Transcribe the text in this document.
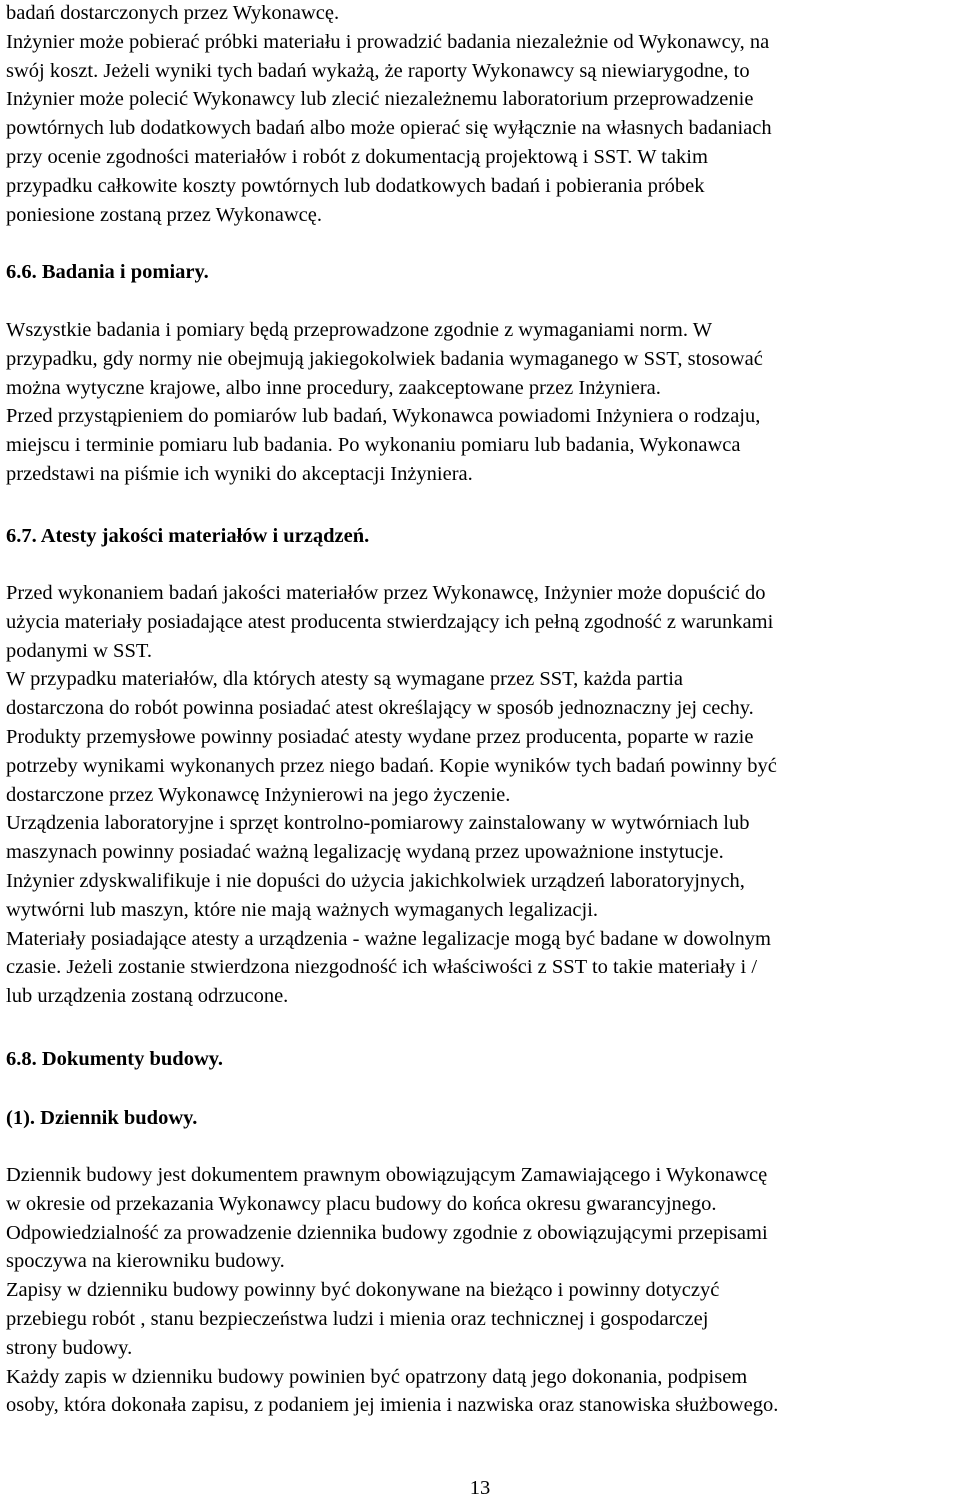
badań dostarczonych przez Wykonawcę.
Inżynier może pobierać próbki materiału i prowadzić badania niezależnie od Wykonawcy, na
swój koszt. Jeżeli wyniki tych badań wykażą, że raporty Wykonawcy są niewiarygodne, to
Inżynier może polecić Wykonawcy lub zlecić niezależnemu laboratorium przeprowadzenie
powtórnych lub dodatkowych badań albo może opierać się wyłącznie na własnych badaniach
przy ocenie zgodności materiałów i robót z dokumentacją projektową i SST. W takim
przypadku całkowite koszty powtórnych lub dodatkowych badań i pobierania próbek
poniesione zostaną przez Wykonawcę.
6.6. Badania i pomiary.
Wszystkie badania i pomiary będą przeprowadzone zgodnie z wymaganiami norm. W
przypadku, gdy normy nie obejmują jakiegokolwiek badania wymaganego w SST, stosować
można wytyczne krajowe, albo inne procedury, zaakceptowane przez Inżyniera.
Przed przystąpieniem do pomiarów lub badań, Wykonawca powiadomi Inżyniera o rodzaju,
miejscu i terminie pomiaru lub badania. Po wykonaniu pomiaru lub badania, Wykonawca
przedstawi na piśmie ich wyniki do akceptacji Inżyniera.
6.7. Atesty jakości materiałów i urządzeń.
Przed wykonaniem badań jakości materiałów przez Wykonawcę, Inżynier może dopuścić do
użycia materiały posiadające atest producenta stwierdzający ich pełną zgodność z warunkami
podanymi w SST.
W przypadku materiałów, dla których atesty są wymagane przez SST, każda partia
dostarczona do robót powinna posiadać atest określający w sposób jednoznaczny jej cechy.
Produkty przemysłowe powinny posiadać atesty wydane przez producenta, poparte w razie
potrzeby wynikami wykonanych przez niego badań. Kopie wyników tych badań powinny być
dostarczone przez Wykonawcę Inżynierowi na jego życzenie.
Urządzenia laboratoryjne i sprzęt kontrolno-pomiarowy zainstalowany w wytwórniach lub
maszynach powinny posiadać ważną legalizację wydaną przez upoważnione instytucje.
Inżynier zdyskwalifikuje i nie dopuści do użycia jakichkolwiek urządzeń laboratoryjnych,
wytwórni lub maszyn, które nie mają ważnych wymaganych legalizacji.
Materiały posiadające atesty a urządzenia - ważne legalizacje mogą być badane w dowolnym
czasie. Jeżeli zostanie stwierdzona niezgodność ich właściwości z SST to takie materiały i /
lub urządzenia zostaną odrzucone.
6.8. Dokumenty budowy.
(1). Dziennik budowy.
Dziennik budowy jest dokumentem prawnym obowiązującym Zamawiającego i Wykonawcę
w okresie od przekazania Wykonawcy placu budowy do końca okresu gwarancyjnego.
Odpowiedzialność za prowadzenie dziennika budowy zgodnie z obowiązującymi przepisami
spoczywa na kierowniku budowy.
Zapisy w dzienniku budowy powinny być dokonywane na bieżąco i powinny dotyczyć
przebiegu robót , stanu bezpieczeństwa ludzi i mienia oraz technicznej i gospodarczej
strony budowy.
Każdy zapis w dzienniku budowy powinien być opatrzony datą jego dokonania, podpisem
osoby, która dokonała zapisu, z podaniem jej imienia i nazwiska oraz stanowiska służbowego.
13
